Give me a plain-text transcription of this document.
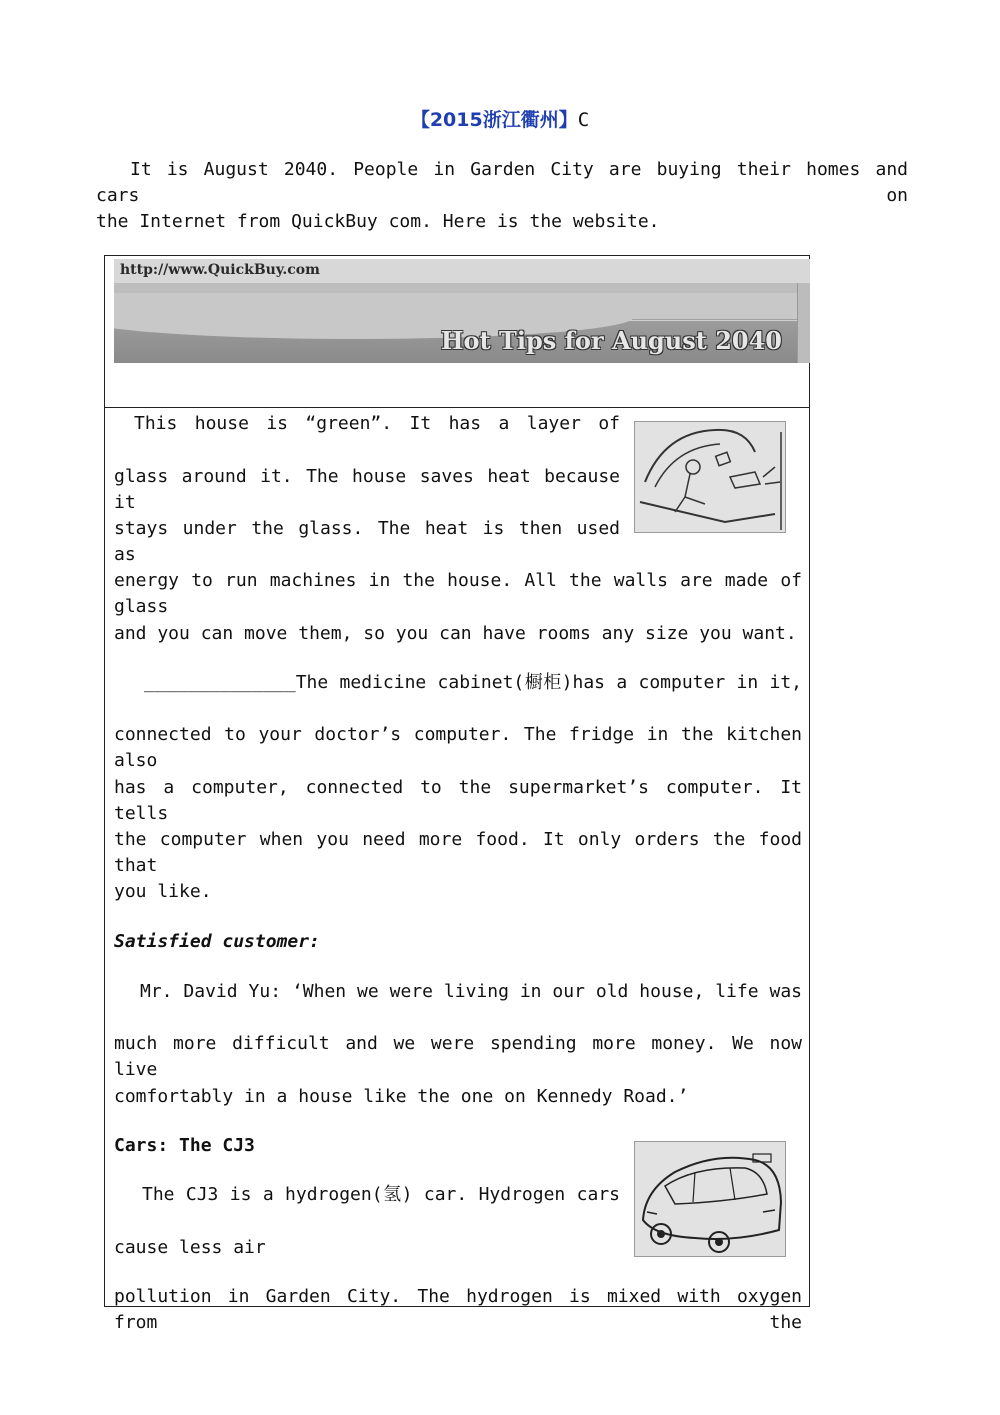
【2015浙江衢州】C
It is August 2040. People in Garden City are buying their homes and cars on
the Internet from QuickBuy com. Here is the website.
http://www.QuickBuy.com
Hot Tips for August 2040
This house is “green”. It has a layer of
glass around it. The house saves heat because it
stays under the glass. The heat is then used as
energy to run machines in the house. All the walls are made of glass
and you can move them, so you can have rooms any size you want.
______________The medicine cabinet(橱柜)has a computer in it,
connected to your doctor’s computer. The fridge in the kitchen also
has a computer, connected to the supermarket’s computer. It tells
the computer when you need more food. It only orders the food that
you like.
Satisfied customer:
Mr. David Yu: ‘When we were living in our old house, life was
much more difficult and we were spending more money. We now live
comfortably in a house like the one on Kennedy Road.’
Cars: The CJ3
The CJ3 is a hydrogen(氢) car. Hydrogen cars
cause less air
pollution in Garden City. The hydrogen is mixed with oxygen from the
